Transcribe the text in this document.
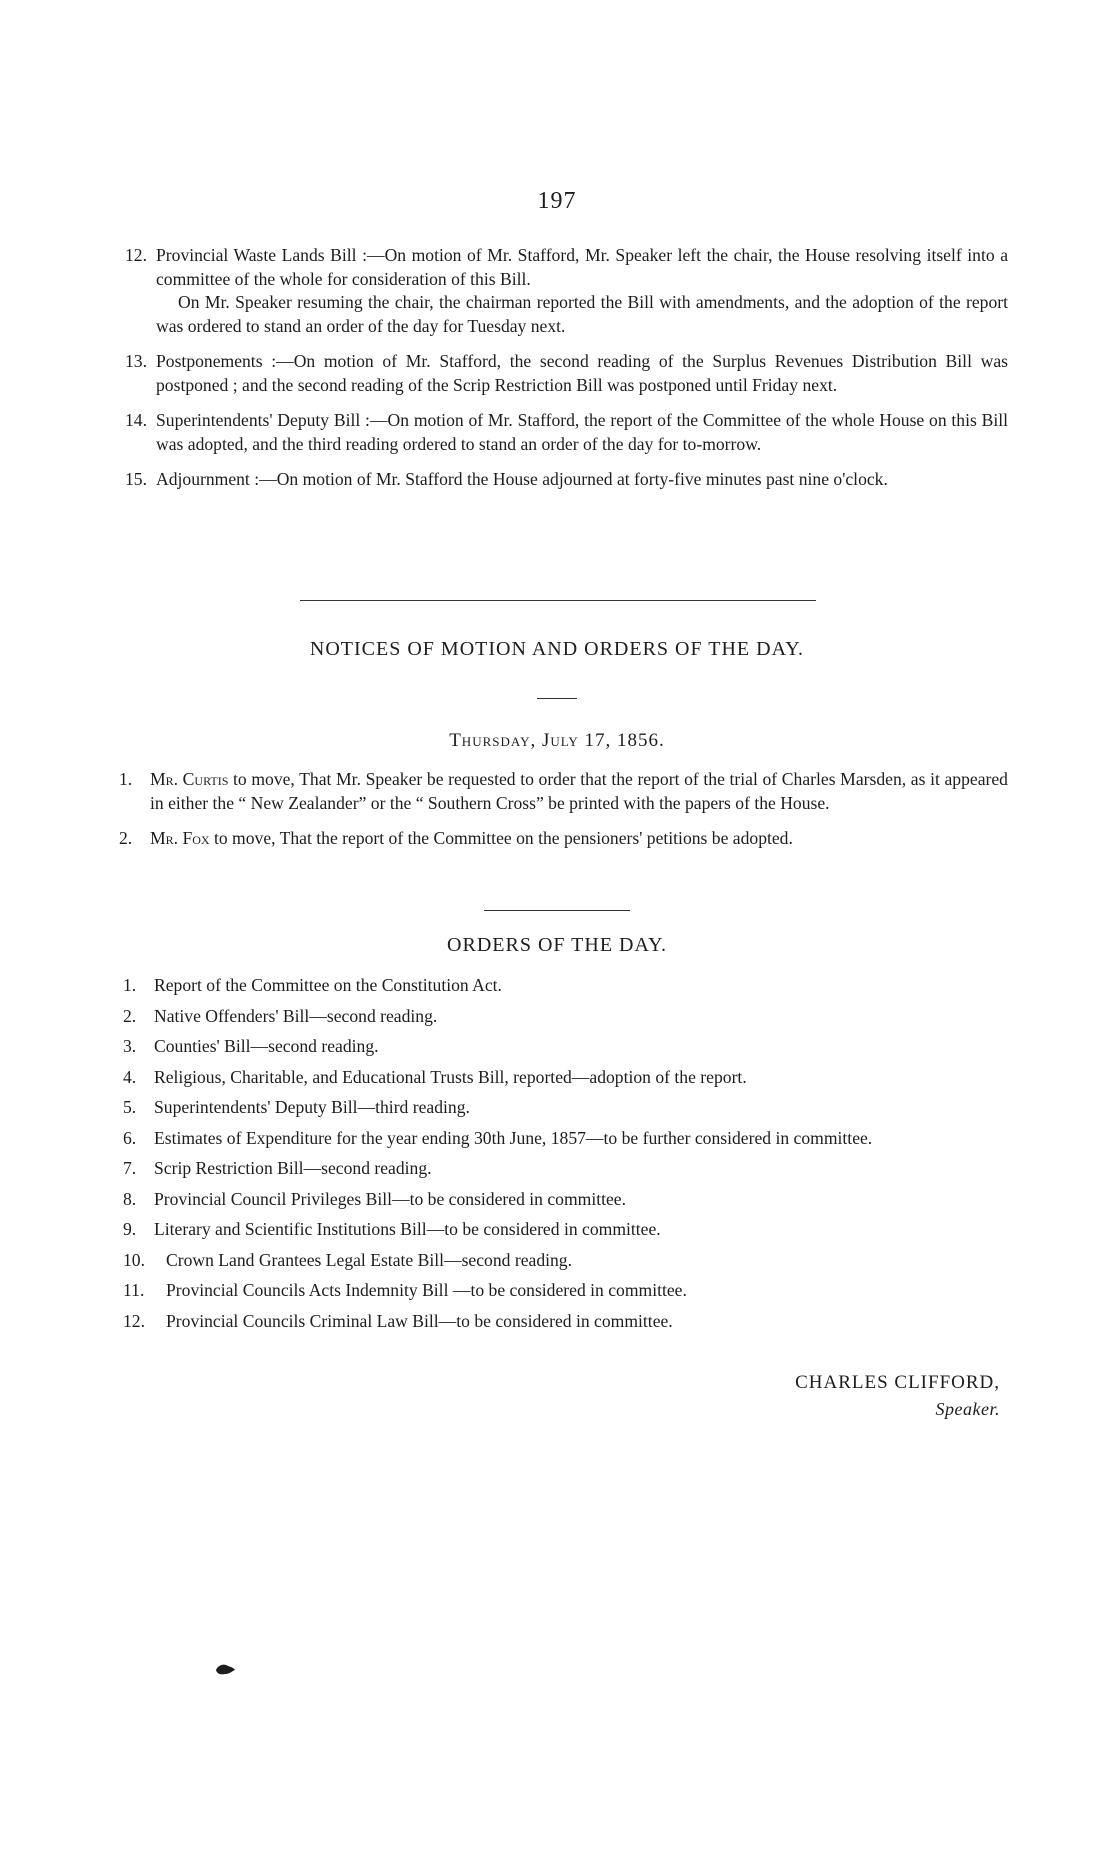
197
12. Provincial Waste Lands Bill :—On motion of Mr. Stafford, Mr. Speaker left the chair, the House resolving itself into a committee of the whole for consideration of this Bill.

On Mr. Speaker resuming the chair, the chairman reported the Bill with amendments, and the adoption of the report was ordered to stand an order of the day for Tuesday next.

13. Postponements :—On motion of Mr. Stafford, the second reading of the Surplus Revenues Distribution Bill was postponed ; and the second reading of the Scrip Restriction Bill was postponed until Friday next.

14. Superintendents' Deputy Bill :—On motion of Mr. Stafford, the report of the Committee of the whole House on this Bill was adopted, and the third reading ordered to stand an order of the day for to-morrow.

15. Adjournment :—On motion of Mr. Stafford the House adjourned at forty-five minutes past nine o'clock.

NOTICES OF MOTION AND ORDERS OF THE DAY.
Thursday, July 17, 1856.
1. Mr. Curtis to move, That Mr. Speaker be requested to order that the report of the trial of Charles Marsden, as it appeared in either the “ New Zealander” or the “ Southern Cross” be printed with the papers of the House.

2. Mr. Fox to move, That the report of the Committee on the pensioners' petitions be adopted.

ORDERS OF THE DAY.
1. Report of the Committee on the Constitution Act.

2. Native Offenders' Bill—second reading.

3. Counties' Bill—second reading.

4. Religious, Charitable, and Educational Trusts Bill, reported—adoption of the report.

5. Superintendents' Deputy Bill—third reading.

6. Estimates of Expenditure for the year ending 30th June, 1857—to be further considered in committee.

7. Scrip Restriction Bill—second reading.

8. Provincial Council Privileges Bill—to be considered in committee.

9. Literary and Scientific Institutions Bill—to be considered in committee.

10. Crown Land Grantees Legal Estate Bill—second reading.

11. Provincial Councils Acts Indemnity Bill —to be considered in committee.

12. Provincial Councils Criminal Law Bill—to be considered in committee.

CHARLES CLIFFORD,
Speaker.
